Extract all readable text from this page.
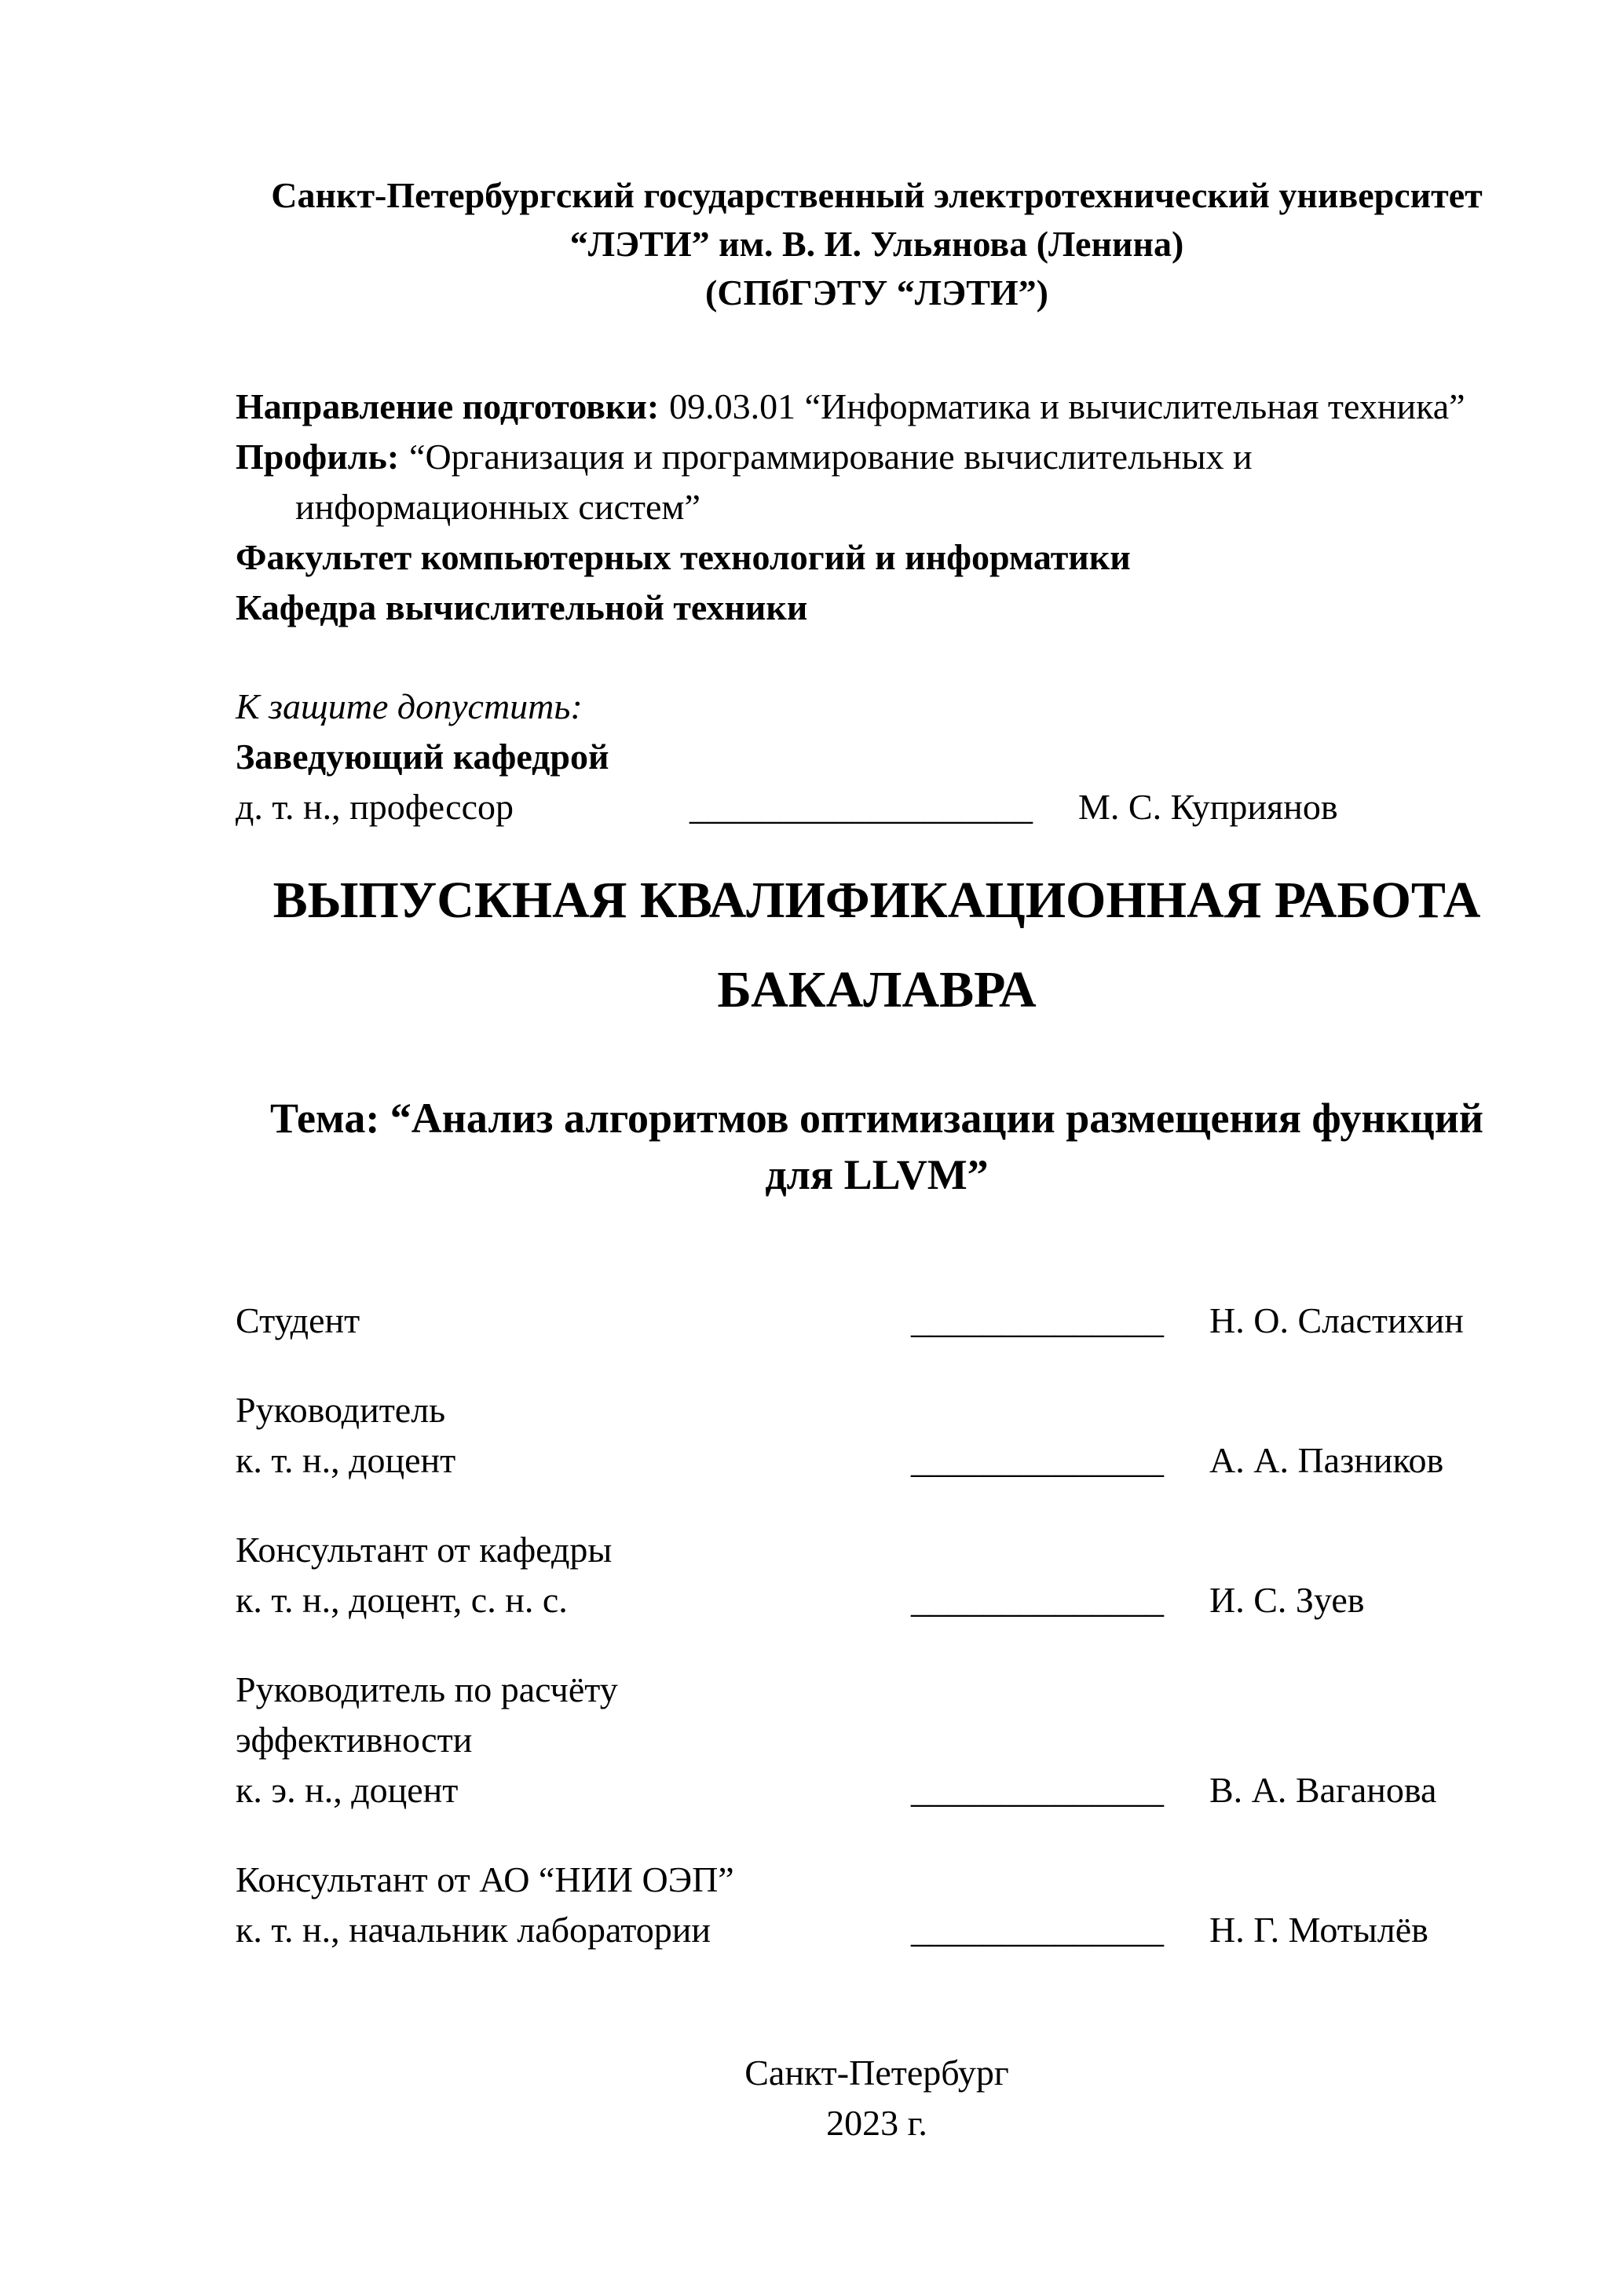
Санкт-Петербургский государственный электротехнический университет
“ЛЭТИ” им. В. И. Ульянова (Ленина)
(СПбГЭТУ “ЛЭТИ”)
Направление подготовки: 09.03.01 “Информатика и вычислительная техника”
Профиль: “Организация и программирование вычислительных и
информационных систем”
Факультет компьютерных технологий и информатики
Кафедра вычислительной техники
К защите допустить:
Заведующий кафедрой
д. т. н., профессор	___________________ М. С. Куприянов
ВЫПУСКНАЯ КВАЛИФИКАЦИОННАЯ РАБОТА
БАКАЛАВРА
Тема: “Анализ алгоритмов оптимизации размещения функций
для LLVM”
Студент	______________ Н. О. Сластихин
Руководитель
к. т. н., доцент	______________ А. А. Пазников
Консультант от кафедры
к. т. н., доцент, с. н. с.	______________ И. С. Зуев
Руководитель по расчёту
эффективности
к. э. н., доцент	______________ В. А. Ваганова
Консультант от АО “НИИ ОЭП”
к. т. н., начальник лаборатории	______________ Н. Г. Мотылёв
Санкт-Петербург
2023 г.
